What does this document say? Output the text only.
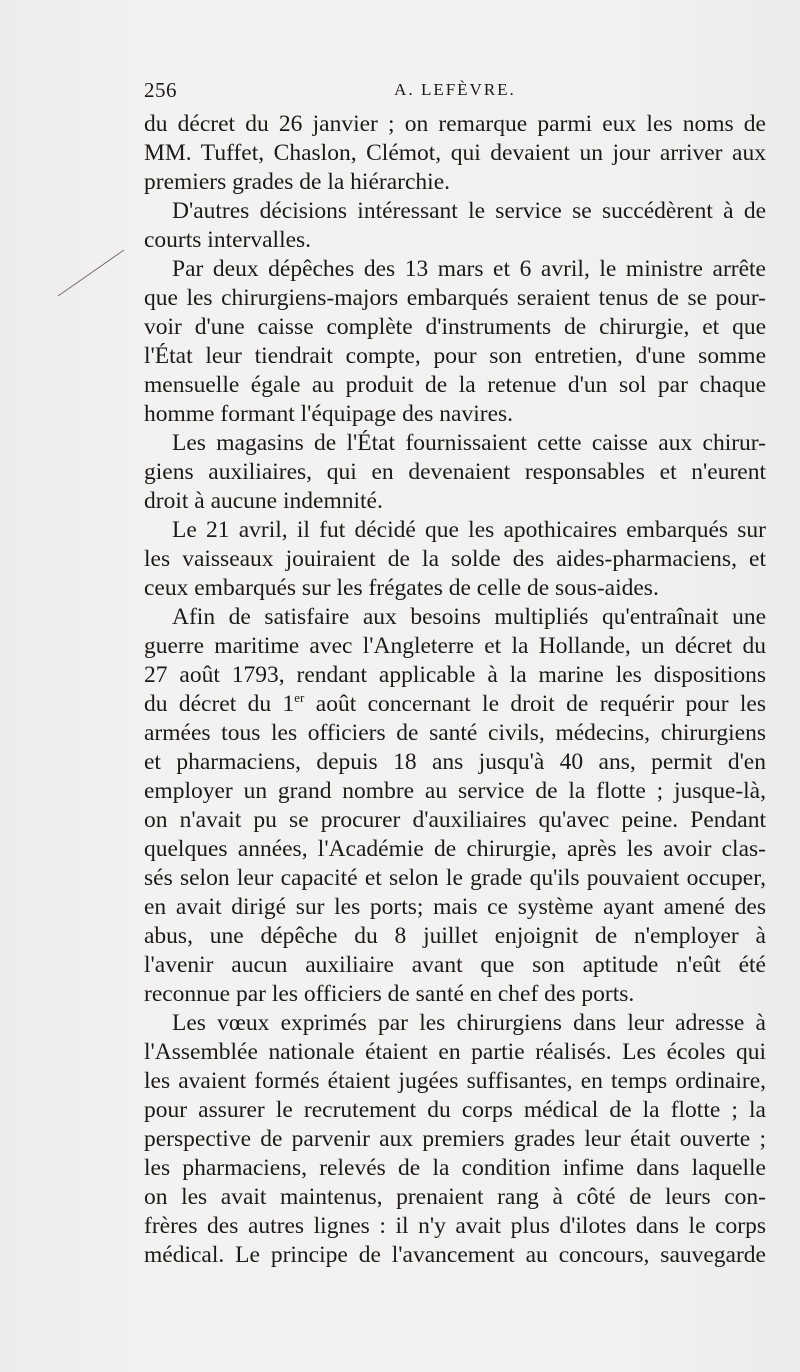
256	A. LEFÈVRE.
du décret du 26 janvier ; on remarque parmi eux les noms de
MM. Tuffet, Chaslon, Clémot, qui devaient un jour arriver aux
premiers grades de la hiérarchie.
D'autres décisions intéressant le service se succédèrent à de
courts intervalles.
Par deux dépêches des 13 mars et 6 avril, le ministre arrête
que les chirurgiens-majors embarqués seraient tenus de se pour-
voir d'une caisse complète d'instruments de chirurgie, et que
l'État leur tiendrait compte, pour son entretien, d'une somme
mensuelle égale au produit de la retenue d'un sol par chaque
homme formant l'équipage des navires.
Les magasins de l'État fournissaient cette caisse aux chirur-
giens auxiliaires, qui en devenaient responsables et n'eurent
droit à aucune indemnité.
Le 21 avril, il fut décidé que les apothicaires embarqués sur
les vaisseaux jouiraient de la solde des aides-pharmaciens, et
ceux embarqués sur les frégates de celle de sous-aides.
Afin de satisfaire aux besoins multipliés qu'entraînait une
guerre maritime avec l'Angleterre et la Hollande, un décret du
27 août 1793, rendant applicable à la marine les dispositions
du décret du 1er août concernant le droit de requérir pour les
armées tous les officiers de santé civils, médecins, chirurgiens
et pharmaciens, depuis 18 ans jusqu'à 40 ans, permit d'en
employer un grand nombre au service de la flotte ; jusque-là,
on n'avait pu se procurer d'auxiliaires qu'avec peine. Pendant
quelques années, l'Académie de chirurgie, après les avoir clas-
sés selon leur capacité et selon le grade qu'ils pouvaient occuper,
en avait dirigé sur les ports; mais ce système ayant amené des
abus, une dépêche du 8 juillet enjoignit de n'employer à
l'avenir aucun auxiliaire avant que son aptitude n'eût été
reconnue par les officiers de santé en chef des ports.
Les vœux exprimés par les chirurgiens dans leur adresse à
l'Assemblée nationale étaient en partie réalisés. Les écoles qui
les avaient formés étaient jugées suffisantes, en temps ordinaire,
pour assurer le recrutement du corps médical de la flotte ; la
perspective de parvenir aux premiers grades leur était ouverte ;
les pharmaciens, relevés de la condition infime dans laquelle
on les avait maintenus, prenaient rang à côté de leurs con-
frères des autres lignes : il n'y avait plus d'ilotes dans le corps
médical. Le principe de l'avancement au concours, sauvegarde
